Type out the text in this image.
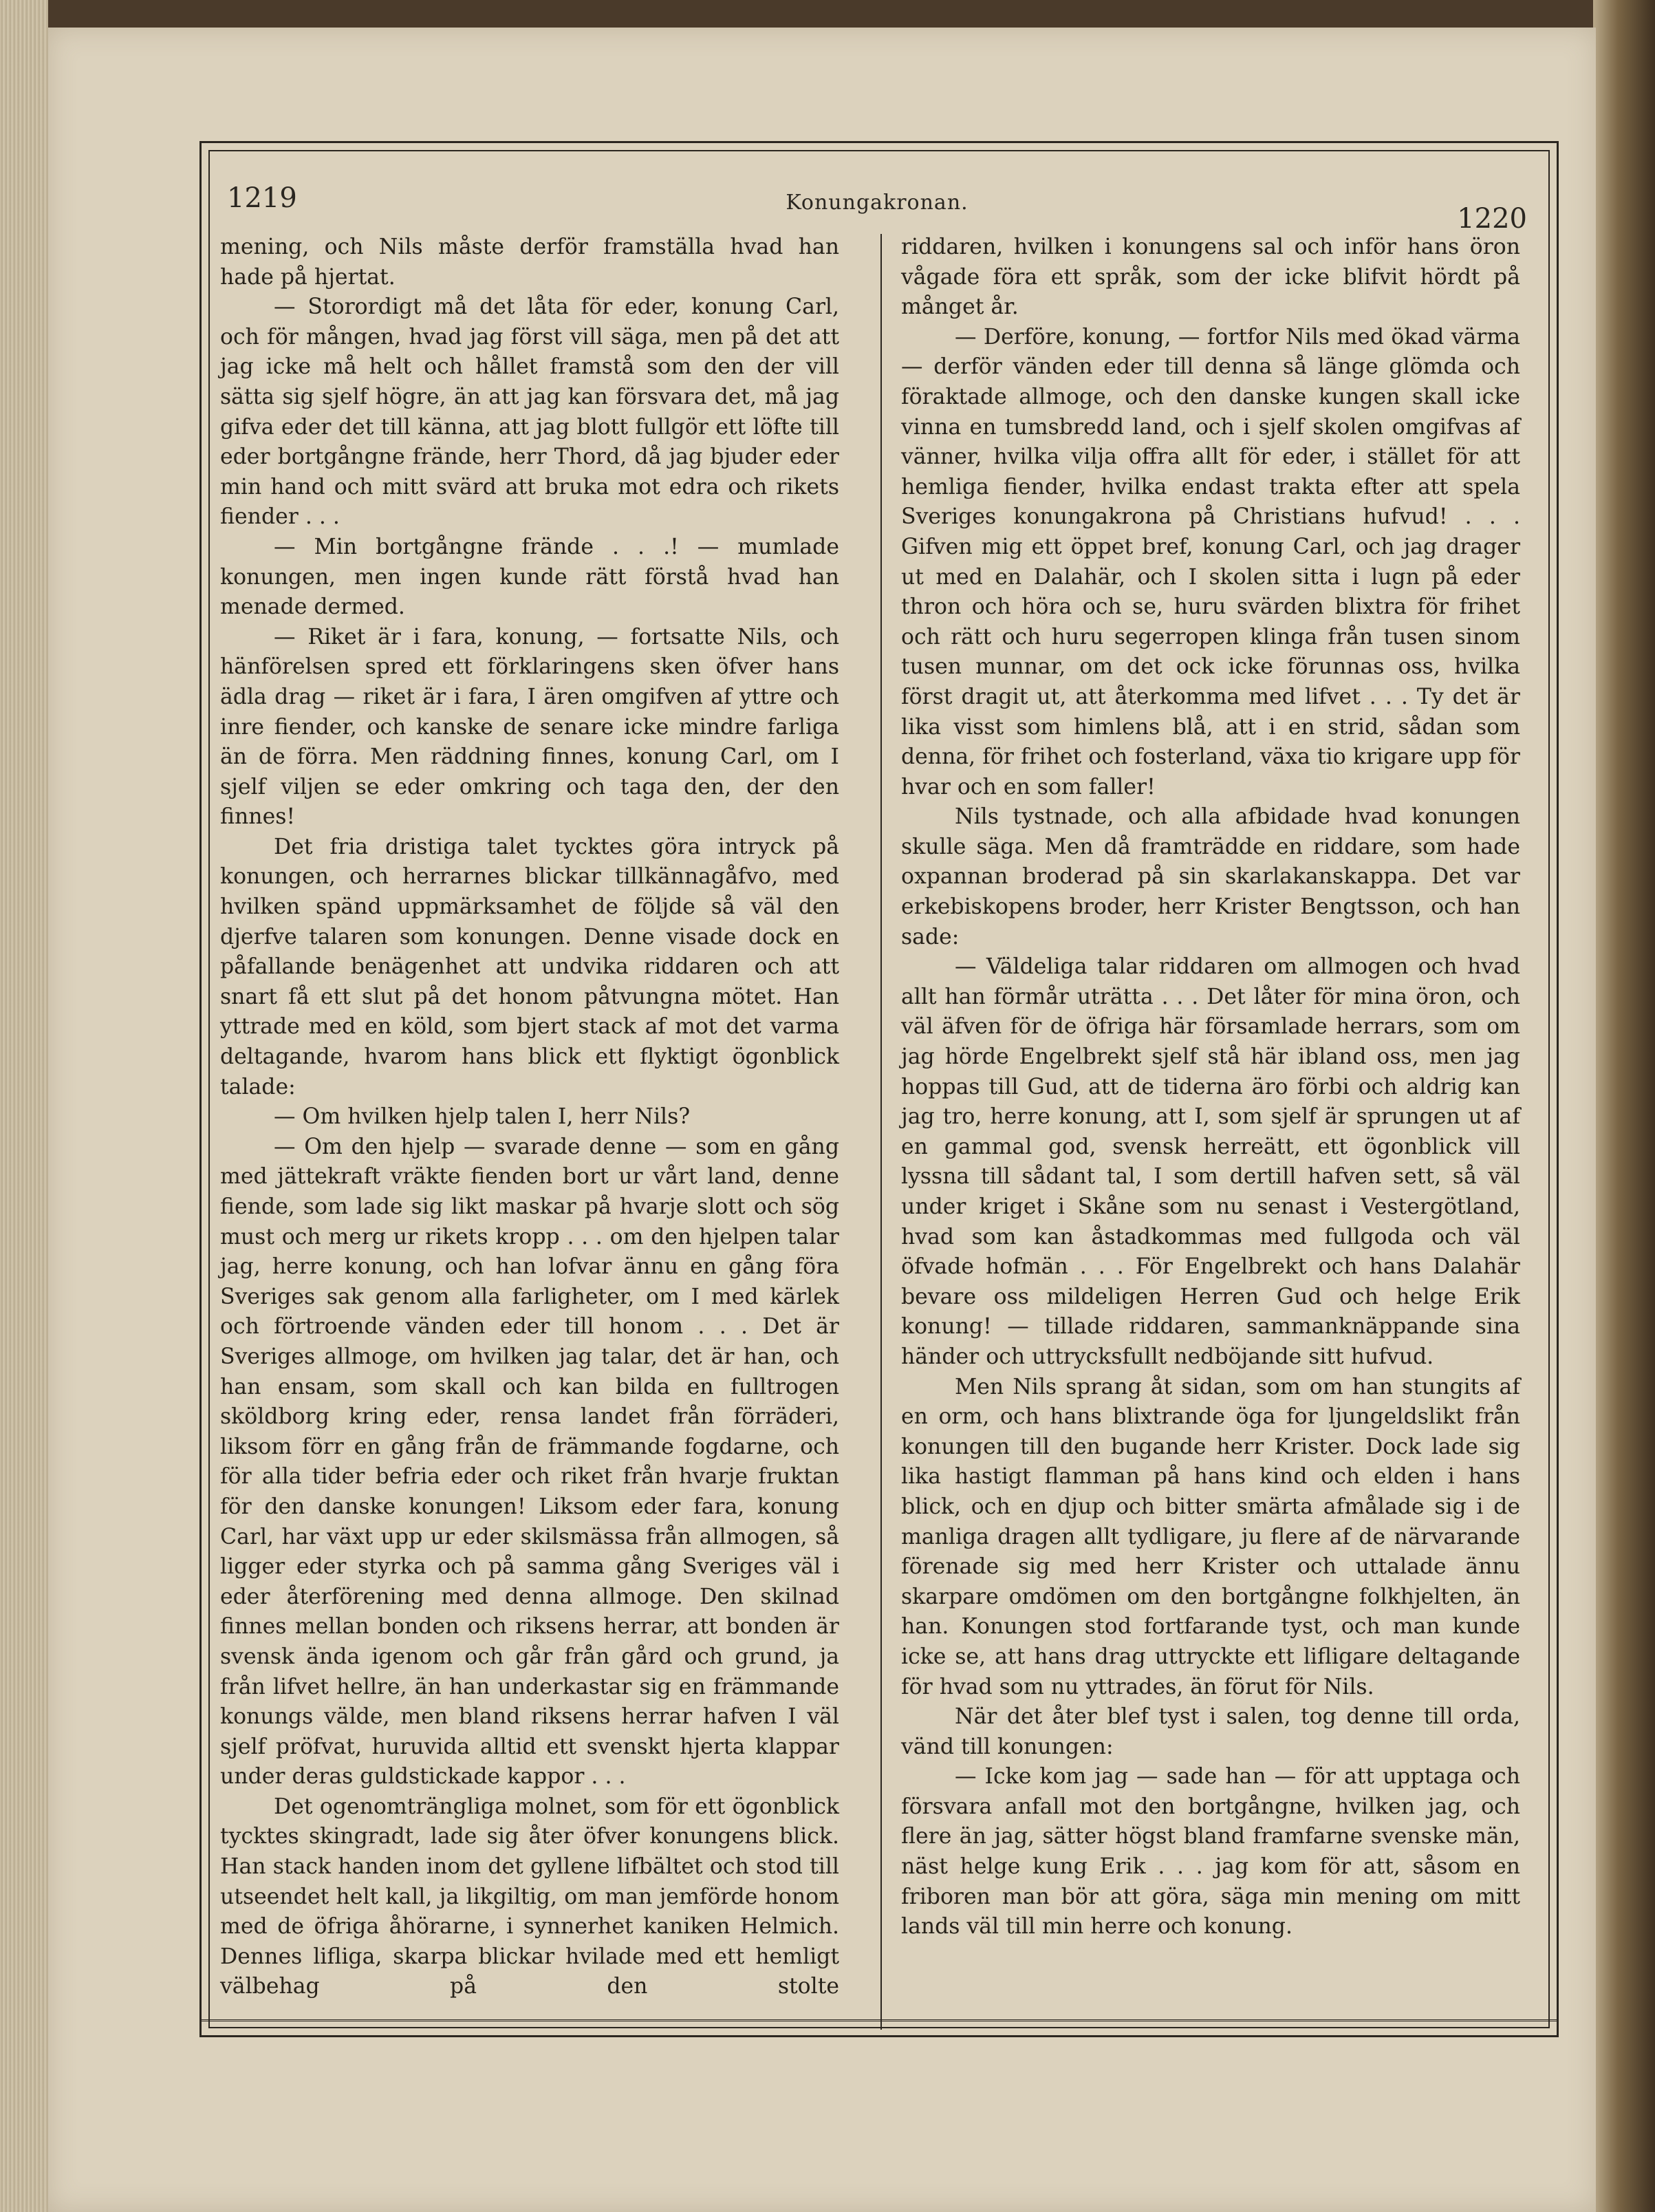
1219	Konungakronan.
1220

mening, och Nils måste derför framställa hvad han hade på hjertat.

— Storordigt må det låta för eder, konung Carl, och för mången, hvad jag först vill säga, men på det att jag icke må helt och hållet framstå som den der vill sätta sig sjelf högre, än att jag kan försvara det, må jag gifva eder det till känna, att jag blott fullgör ett löfte till eder bortgångne frände, herr Thord, då jag bjuder eder min hand och mitt svärd att bruka mot edra och rikets fiender . . .

— Min bortgångne frände . . .! — mumlade konungen, men ingen kunde rätt förstå hvad han menade dermed.

— Riket är i fara, konung, — fortsatte Nils, och hänförelsen spred ett förklaringens sken öfver hans ädla drag — riket är i fara, I ären omgifven af yttre och inre fiender, och kanske de senare icke mindre farliga än de förra. Men räddning finnes, konung Carl, om I sjelf viljen se eder omkring och taga den, der den finnes!

Det fria dristiga talet tycktes göra intryck på konungen, och herrarnes blickar tillkännagåfvo, med hvilken spänd uppmärksamhet de följde så väl den djerfve talaren som konungen. Denne visade dock en påfallande benägenhet att undvika riddaren och att snart få ett slut på det honom påtvungna mötet. Han yttrade med en köld, som bjert stack af mot det varma deltagande, hvarom hans blick ett flyktigt ögonblick talade:

— Om hvilken hjelp talen I, herr Nils?

— Om den hjelp — svarade denne — som en gång med jättekraft vräkte fienden bort ur vårt land, denne fiende, som lade sig likt maskar på hvarje slott och sög must och merg ur rikets kropp . . . om den hjelpen talar jag, herre konung, och han lofvar ännu en gång föra Sveriges sak genom alla farligheter, om I med kärlek och förtroende vänden eder till honom . . . Det är Sveriges allmoge, om hvilken jag talar, det är han, och han ensam, som skall och kan bilda en fulltrogen sköldborg kring eder, rensa landet från förräderi, liksom förr en gång från de främmande fogdarne, och för alla tider befria eder och riket från hvarje fruktan för den danske konungen! Liksom eder fara, konung Carl, har växt upp ur eder skilsmässa från allmogen, så ligger eder styrka och på samma gång Sveriges väl i eder återförening med denna allmoge. Den skilnad finnes mellan bonden och riksens herrar, att bonden är svensk ända igenom och går från gård och grund, ja från lifvet hellre, än han underkastar sig en främmande konungs välde, men bland riksens herrar hafven I väl sjelf pröfvat, huruvida alltid ett svenskt hjerta klappar under deras guldstickade kappor . . .

Det ogenomträngliga molnet, som för ett ögonblick tycktes skingradt, lade sig åter öfver konungens blick. Han stack handen inom det gyllene lifbältet och stod till utseendet helt kall, ja likgiltig, om man jemförde honom med de öfriga åhörarne, i synnerhet kaniken Helmich. Dennes lifliga, skarpa blickar hvilade med ett hemligt välbehag på den stolte

riddaren, hvilken i konungens sal och inför hans öron vågade föra ett språk, som der icke blifvit hördt på månget år.

— Derföre, konung, — fortfor Nils med ökad värma — derför vänden eder till denna så länge glömda och föraktade allmoge, och den danske kungen skall icke vinna en tumsbredd land, och i sjelf skolen omgifvas af vänner, hvilka vilja offra allt för eder, i stället för att hemliga fiender, hvilka endast trakta efter att spela Sveriges konungakrona på Christians hufvud! . . . Gifven mig ett öppet bref, konung Carl, och jag drager ut med en Dalahär, och I skolen sitta i lugn på eder thron och höra och se, huru svärden blixtra för frihet och rätt och huru segerropen klinga från tusen sinom tusen munnar, om det ock icke förunnas oss, hvilka först dragit ut, att återkomma med lifvet . . . Ty det är lika visst som himlens blå, att i en strid, sådan som denna, för frihet och fosterland, växa tio krigare upp för hvar och en som faller!

Nils tystnade, och alla afbidade hvad konungen skulle säga. Men då framträdde en riddare, som hade oxpannan broderad på sin skarlakanskappa. Det var erkebiskopens broder, herr Krister Bengtsson, och han sade:

— Väldeliga talar riddaren om allmogen och hvad allt han förmår uträtta . . . Det låter för mina öron, och väl äfven för de öfriga här församlade herrars, som om jag hörde Engelbrekt sjelf stå här ibland oss, men jag hoppas till Gud, att de tiderna äro förbi och aldrig kan jag tro, herre konung, att I, som sjelf är sprungen ut af en gammal god, svensk herreätt, ett ögonblick vill lyssna till sådant tal, I som dertill hafven sett, så väl under kriget i Skåne som nu senast i Vestergötland, hvad som kan åstadkommas med fullgoda och väl öfvade hofmän . . . För Engelbrekt och hans Dalahär bevare oss mildeligen Herren Gud och helge Erik konung! — tillade riddaren, sammanknäppande sina händer och uttrycksfullt nedböjande sitt hufvud.

Men Nils sprang åt sidan, som om han stungits af en orm, och hans blixtrande öga for ljungeldslikt från konungen till den bugande herr Krister. Dock lade sig lika hastigt flamman på hans kind och elden i hans blick, och en djup och bitter smärta afmålade sig i de manliga dragen allt tydligare, ju flere af de närvarande förenade sig med herr Krister och uttalade ännu skarpare omdömen om den bortgångne folkhjelten, än han. Konungen stod fortfarande tyst, och man kunde icke se, att hans drag uttryckte ett lifligare deltagande för hvad som nu yttrades, än förut för Nils.

När det åter blef tyst i salen, tog denne till orda, vänd till konungen:

— Icke kom jag — sade han — för att upptaga och försvara anfall mot den bortgångne, hvilken jag, och flere än jag, sätter högst bland framfarne svenske män, näst helge kung Erik . . . jag kom för att, såsom en friboren man bör att göra, säga min mening om mitt lands väl till min herre och konung.
